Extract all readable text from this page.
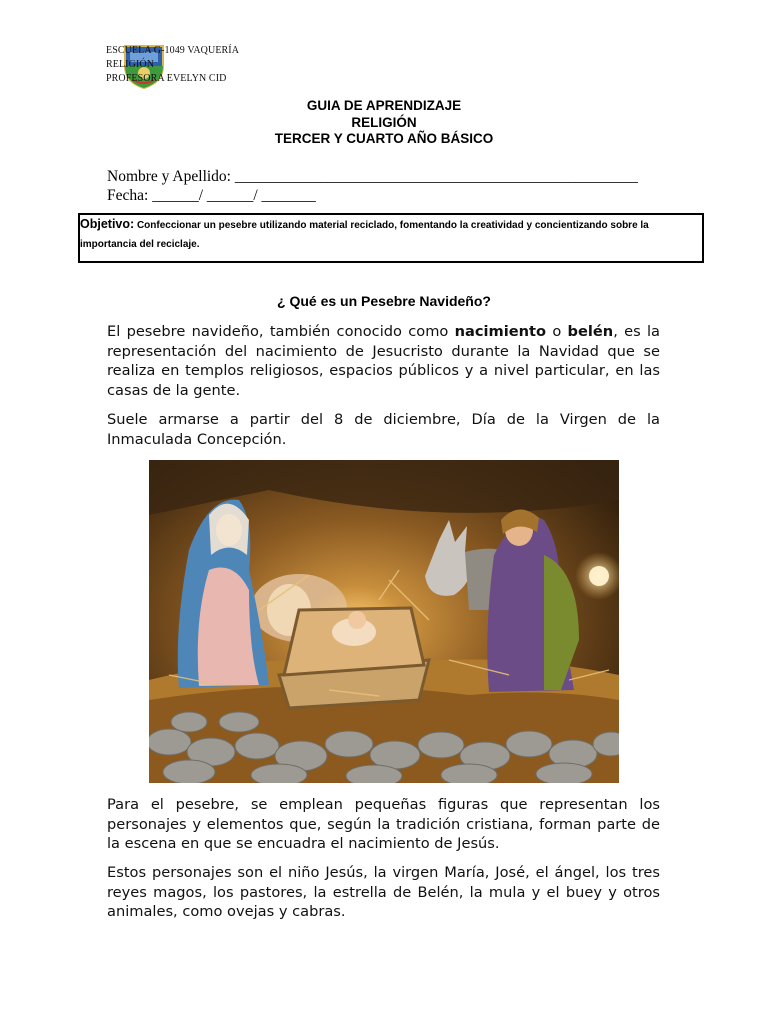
ESCUELA G-1049 VAQUERÍA
RELIGIÓN
PROFESORA EVELYN CID
GUIA DE APRENDIZAJE
RELIGIÓN
TERCER Y CUARTO AÑO BÁSICO
Nombre y Apellido: ____________________________________________________
Fecha: ______/ ______/ _______
Objetivo: Confeccionar un pesebre utilizando material reciclado, fomentando la creatividad y concientizando sobre la importancia del reciclaje.
¿ Qué es un Pesebre Navideño?

El pesebre navideño, también conocido como nacimiento o belén, es la representación del nacimiento de Jesucristo durante la Navidad que se realiza en templos religiosos, espacios públicos y a nivel particular, en las casas de la gente.

Suele armarse a partir del 8 de diciembre, Día de la Virgen de la Inmaculada Concepción.

Para el pesebre, se emplean pequeñas figuras que representan los personajes y elementos que, según la tradición cristiana, forman parte de la escena en que se encuadra el nacimiento de Jesús.

Estos personajes son el niño Jesús, la virgen María, José, el ángel, los tres reyes magos, los pastores, la estrella de Belén, la mula y el buey y otros animales, como ovejas y cabras.
